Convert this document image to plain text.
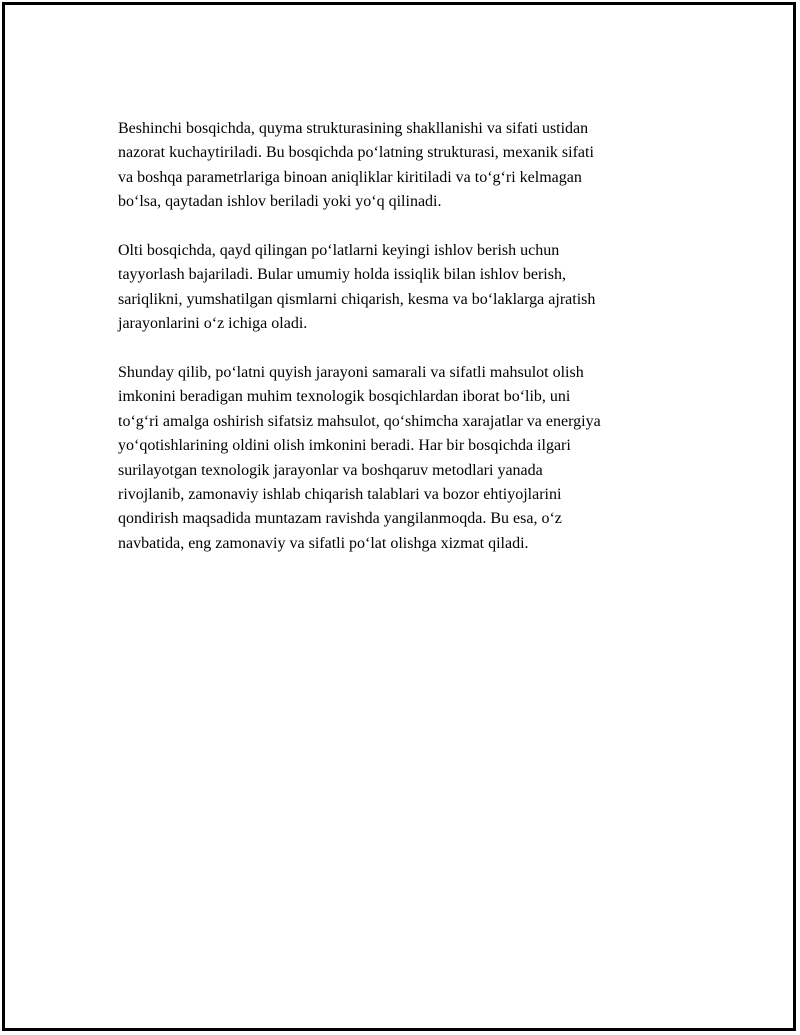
Beshinchi bosqichda, quyma strukturasining shakllanishi va sifati ustidan
nazorat kuchaytiriladi. Bu bosqichda poʻlatning strukturasi, mexanik sifati
va boshqa parametrlariga binoan aniqliklar kiritiladi va toʻgʻri kelmagan
boʻlsa, qaytadan ishlov beriladi yoki yoʻq qilinadi.

Olti bosqichda, qayd qilingan poʻlatlarni keyingi ishlov berish uchun
tayyorlash bajariladi. Bular umumiy holda issiqlik bilan ishlov berish,
sariqlikni, yumshatilgan qismlarni chiqarish, kesma va boʻlaklarga ajratish
jarayonlarini oʻz ichiga oladi.

Shunday qilib, poʻlatni quyish jarayoni samarali va sifatli mahsulot olish
imkonini beradigan muhim texnologik bosqichlardan iborat boʻlib, uni
toʻgʻri amalga oshirish sifatsiz mahsulot, qoʻshimcha xarajatlar va energiya
yoʻqotishlarining oldini olish imkonini beradi. Har bir bosqichda ilgari
surilayotgan texnologik jarayonlar va boshqaruv metodlari yanada
rivojlanib, zamonaviy ishlab chiqarish talablari va bozor ehtiyojlarini
qondirish maqsadida muntazam ravishda yangilanmoqda. Bu esa, oʻz
navbatida, eng zamonaviy va sifatli poʻlat olishga xizmat qiladi.
